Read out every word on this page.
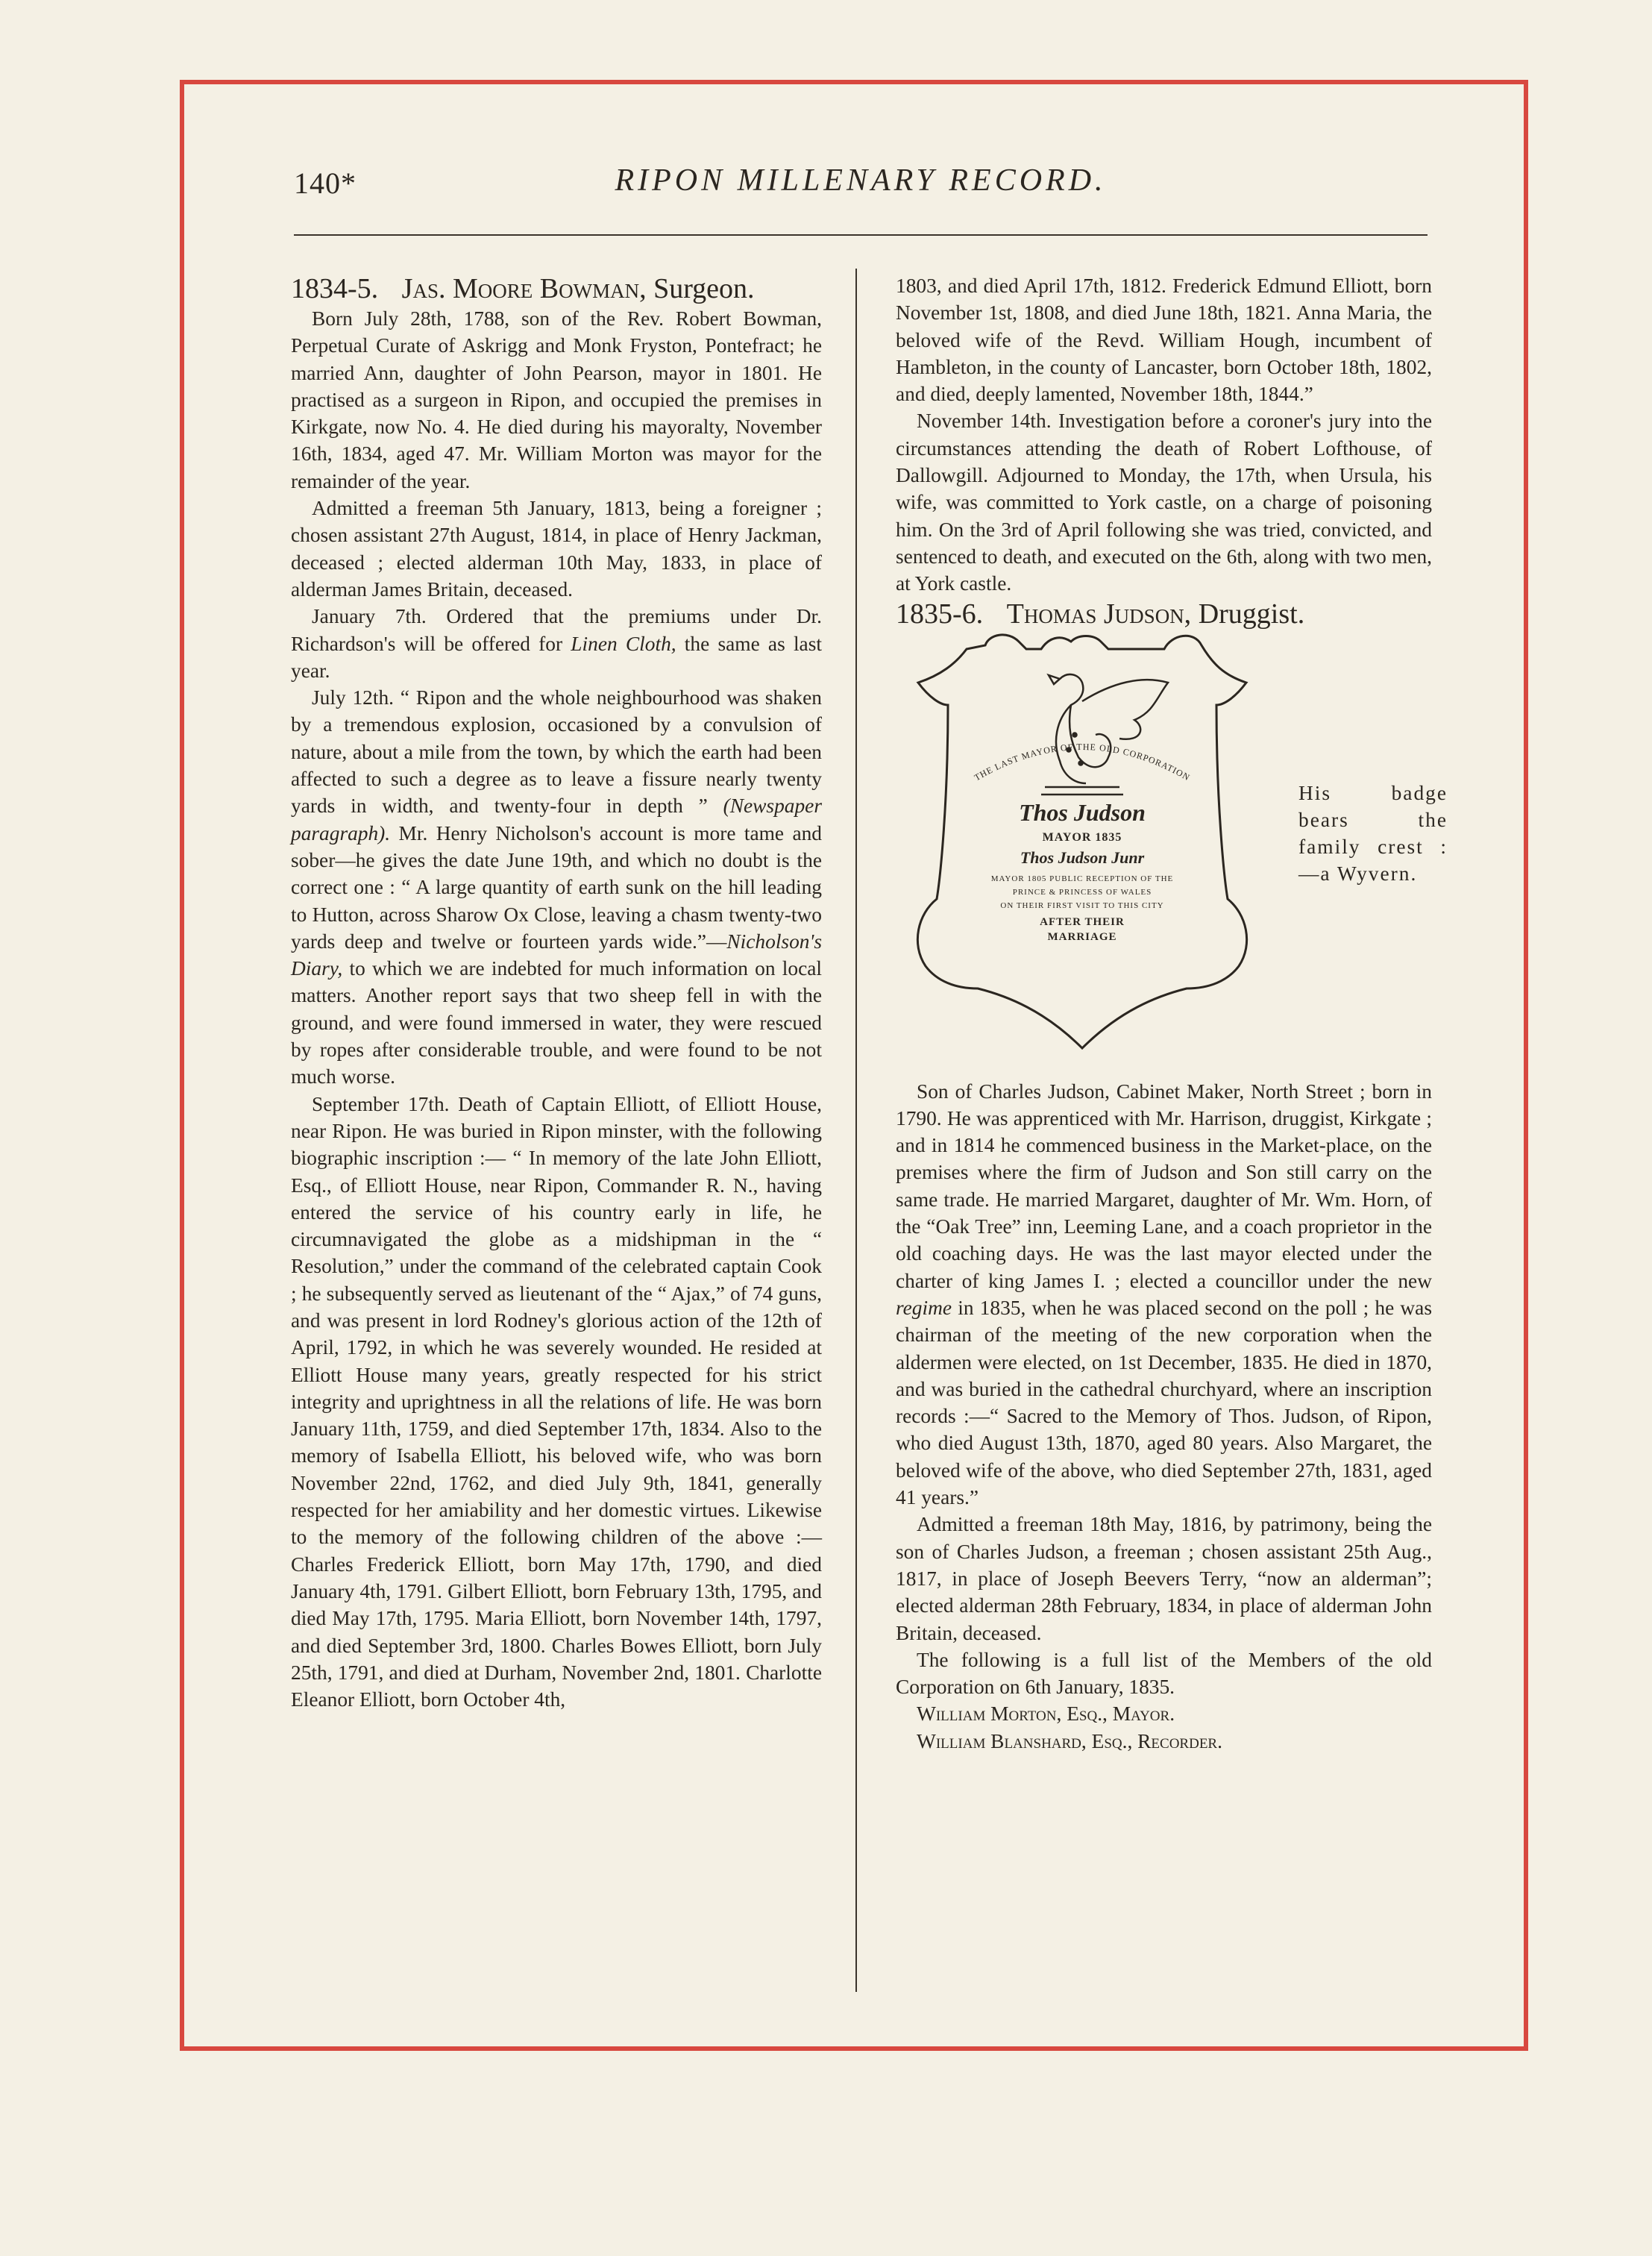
140*	RIPON MILLENARY RECORD.

1834-5. Jas. Moore Bowman, Surgeon.

Born July 28th, 1788, son of the Rev. Robert Bowman, Perpetual Curate of Askrigg and Monk Fryston, Pontefract; he married Ann, daughter of John Pearson, mayor in 1801. He practised as a surgeon in Ripon, and occupied the premises in Kirkgate, now No. 4. He died during his mayoralty, November 16th, 1834, aged 47. Mr. William Morton was mayor for the remainder of the year.

Admitted a freeman 5th January, 1813, being a foreigner ; chosen assistant 27th August, 1814, in place of Henry Jackman, deceased ; elected alderman 10th May, 1833, in place of alderman James Britain, deceased.

January 7th. Ordered that the premiums under Dr. Richardson's will be offered for Linen Cloth, the same as last year.

July 12th. “ Ripon and the whole neighbourhood was shaken by a tremendous explosion, occasioned by a convulsion of nature, about a mile from the town, by which the earth had been affected to such a degree as to leave a fissure nearly twenty yards in width, and twenty-four in depth ” (Newspaper paragraph). Mr. Henry Nicholson's account is more tame and sober—he gives the date June 19th, and which no doubt is the correct one : “ A large quantity of earth sunk on the hill leading to Hutton, across Sharow Ox Close, leaving a chasm twenty-two yards deep and twelve or fourteen yards wide.”—Nicholson's Diary, to which we are indebted for much information on local matters. Another report says that two sheep fell in with the ground, and were found immersed in water, they were rescued by ropes after considerable trouble, and were found to be not much worse.

September 17th. Death of Captain Elliott, of Elliott House, near Ripon. He was buried in Ripon minster, with the following biographic inscription :— “ In memory of the late John Elliott, Esq., of Elliott House, near Ripon, Commander R. N., having entered the service of his country early in life, he circumnavigated the globe as a midshipman in the “ Resolution,” under the command of the celebrated captain Cook ; he subsequently served as lieutenant of the “ Ajax,” of 74 guns, and was present in lord Rodney's glorious action of the 12th of April, 1792, in which he was severely wounded. He resided at Elliott House many years, greatly respected for his strict integrity and uprightness in all the relations of life. He was born January 11th, 1759, and died September 17th, 1834. Also to the memory of Isabella Elliott, his beloved wife, who was born November 22nd, 1762, and died July 9th, 1841, generally respected for her amiability and her domestic virtues. Likewise to the memory of the following children of the above :— Charles Frederick Elliott, born May 17th, 1790, and died January 4th, 1791. Gilbert Elliott, born February 13th, 1795, and died May 17th, 1795. Maria Elliott, born November 14th, 1797, and died September 3rd, 1800. Charles Bowes Elliott, born July 25th, 1791, and died at Durham, November 2nd, 1801. Charlotte Eleanor Elliott, born October 4th,

1803, and died April 17th, 1812. Frederick Edmund Elliott, born November 1st, 1808, and died June 18th, 1821. Anna Maria, the beloved wife of the Revd. William Hough, incumbent of Hambleton, in the county of Lancaster, born October 18th, 1802, and died, deeply lamented, November 18th, 1844.”

November 14th. Investigation before a coroner's jury into the circumstances attending the death of Robert Lofthouse, of Dallowgill. Adjourned to Monday, the 17th, when Ursula, his wife, was committed to York castle, on a charge of poisoning him. On the 3rd of April following she was tried, convicted, and sentenced to death, and executed on the 6th, along with two men, at York castle.

1835-6. Thomas Judson, Druggist.

Thos Judson
MAYOR 1835
Thos Judson Junr
MAYOR 1805 PUBLIC RECEPTION OF THE
PRINCE & PRINCESS OF WALES
ON THEIR FIRST VISIT TO THIS CITY
AFTER THEIR
MARRIAGE
THE LAST MAYOR OF THE OLD CORPORATION
His badge bears the family crest :—a Wyvern.

Son of Charles Judson, Cabinet Maker, North Street ; born in 1790. He was apprenticed with Mr. Harrison, druggist, Kirkgate ; and in 1814 he commenced business in the Market-place, on the premises where the firm of Judson and Son still carry on the same trade. He married Margaret, daughter of Mr. Wm. Horn, of the “Oak Tree” inn, Leeming Lane, and a coach proprietor in the old coaching days. He was the last mayor elected under the charter of king James I. ; elected a councillor under the new regime in 1835, when he was placed second on the poll ; he was chairman of the meeting of the new corporation when the aldermen were elected, on 1st December, 1835. He died in 1870, and was buried in the cathedral churchyard, where an inscription records :—“ Sacred to the Memory of Thos. Judson, of Ripon, who died August 13th, 1870, aged 80 years. Also Margaret, the beloved wife of the above, who died September 27th, 1831, aged 41 years.”

Admitted a freeman 18th May, 1816, by patrimony, being the son of Charles Judson, a freeman ; chosen assistant 25th Aug., 1817, in place of Joseph Beevers Terry, “now an alderman”; elected alderman 28th February, 1834, in place of alderman John Britain, deceased.

The following is a full list of the Members of the old Corporation on 6th January, 1835.

William Morton, Esq., Mayor.

William Blanshard, Esq., Recorder.
